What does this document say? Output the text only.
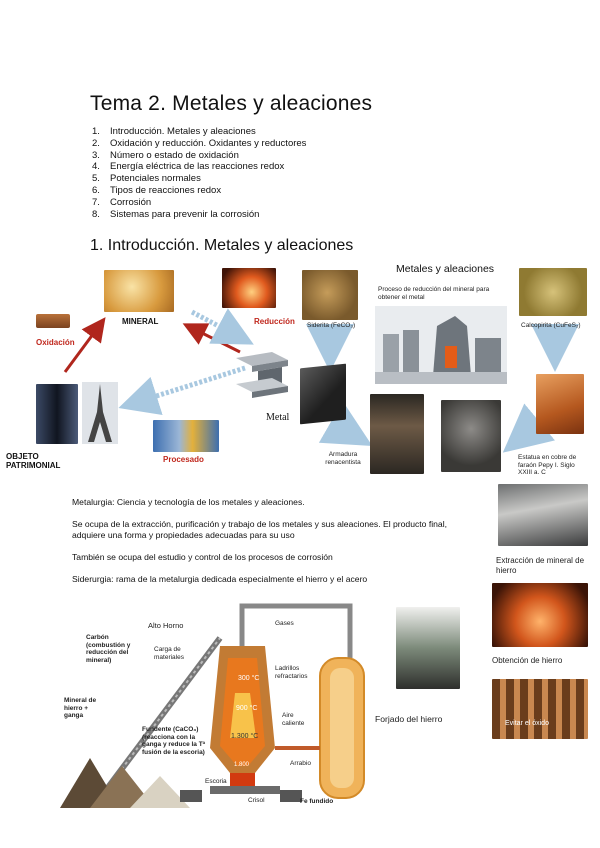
Tema 2. Metales y aleaciones
1.	Introducción. Metales y aleaciones
2.	Oxidación y reducción. Oxidantes y reductores
3.	Número o estado de oxidación
4.	Energía eléctrica de las reacciones redox
5.	Potenciales normales
6.	Tipos de reacciones redox
7.	Corrosión
8.	Sistemas para prevenir la corrosión
1. Introducción. Metales y aleaciones
Oxidación
MINERAL	Reducción
Metal
OBJETO PATRIMONIAL
Procesado
Metales y aleaciones
Siderita (FeCO₃)
Proceso de reducción del mineral para obtener el metal
Calcopirita (CuFeS₂)
Armadura renacentista
Estatua en cobre de faraón Pepy I. Siglo XXIII a. C

Metalurgia: Ciencia y tecnología de los metales y aleaciones.

Se ocupa de la extracción, purificación y trabajo de los metales y sus aleaciones. El producto final, adquiere una forma y propiedades adecuadas para su uso

También se ocupa del estudio y control de los procesos de corrosión

Siderurgia: rama de la metalurgia dedicada especialmente el hierro y el acero

Extracción de mineral de hierro
Obtención de hierro
Forjado del hierro	Evitar el óxido
300 °C
900 °C
1.300 °C
1.800
Alto Horno
Carbón (combustión y reducción del mineral)
Mineral de hierro + ganga
Fundente (CaCO₃) (reacciona con la ganga y reduce la Tª fusión de la escoria)
Gases
Carga de materiales
Ladrillos refractarios
Aire caliente
Arrabio
Crisol
Escoria
Fe fundido
